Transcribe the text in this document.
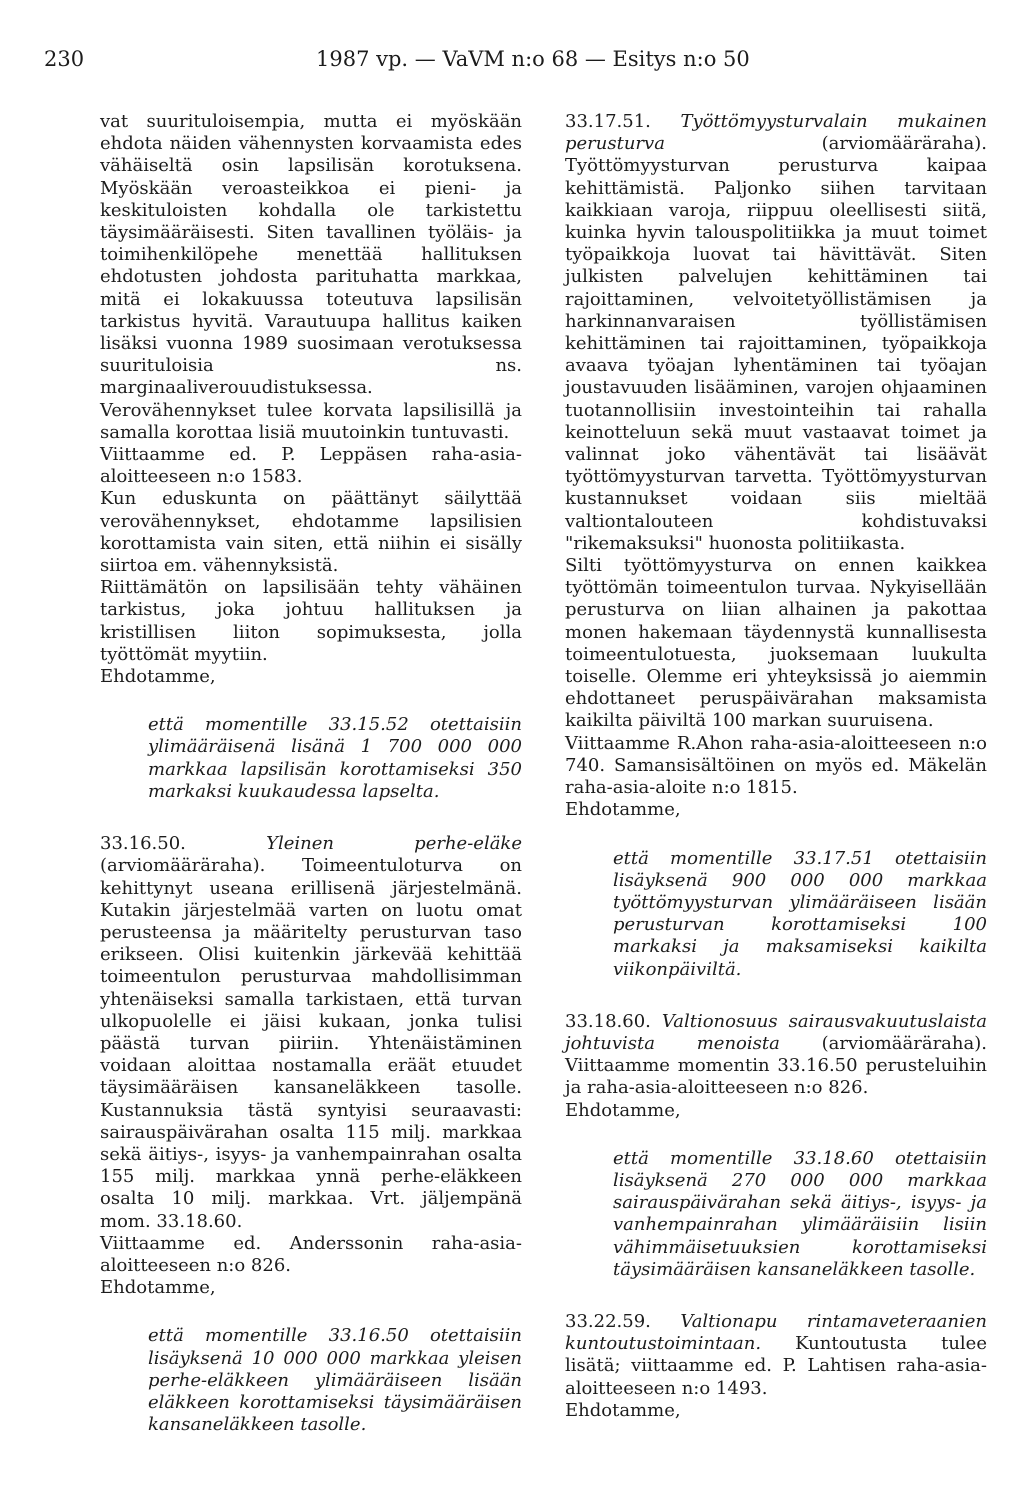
230	1987 vp. — VaVM n:o 68 — Esitys n:o 50

vat suurituloisempia, mutta ei myöskään ehdota näiden vähennysten korvaamista edes vähäiseltä osin lapsilisän korotuksena. Myöskään veroasteikkoa ei pieni- ja keskituloisten kohdalla ole tarkistettu täysimääräisesti. Siten tavallinen työläis- ja toimihenkilöpehe menettää hallituksen ehdotusten johdosta parituhatta markkaa, mitä ei lokakuussa toteutuva lapsilisän tarkistus hyvitä. Varautuupa hallitus kaiken lisäksi vuonna 1989 suosimaan verotuksessa suurituloisia ns. marginaaliverouudistuksessa. Verovähennykset tulee korvata lapsilisillä ja samalla korottaa lisiä muutoinkin tuntuvasti.

Viittaamme ed. P. Leppäsen raha-asia-aloitteeseen n:o 1583.

Kun eduskunta on päättänyt säilyttää verovähennykset, ehdotamme lapsilisien korottamista vain siten, että niihin ei sisälly siirtoa em. vähennyksistä.

Riittämätön on lapsilisään tehty vähäinen tarkistus, joka johtuu hallituksen ja kristillisen liiton sopimuksesta, jolla työttömät myytiin.

Ehdotamme,

että momentille 33.15.52 otettaisiin ylimääräisenä lisänä 1 700 000 000 markkaa lapsilisän korottamiseksi 350 markaksi kuukaudessa lapselta.

33.16.50.	Yleinen perhe-eläke (arviomääräraha). Toimeentuloturva on kehittynyt useana erillisenä järjestelmänä. Kutakin järjestelmää varten on luotu omat perusteensa ja määritelty perusturvan taso erikseen. Olisi kuitenkin järkevää kehittää toimeentulon perusturvaa mahdollisimman yhtenäiseksi samalla tarkistaen, että turvan ulkopuolelle ei jäisi kukaan, jonka tulisi päästä turvan piiriin. Yhtenäistäminen voidaan aloittaa nostamalla eräät etuudet täysimääräisen kansaneläkkeen tasolle. Kustannuksia tästä syntyisi seuraavasti: sairauspäivärahan osalta 115 milj. markkaa sekä äitiys-, isyys- ja vanhempainrahan osalta 155 milj. markkaa ynnä perhe-eläkkeen osalta 10 milj. markkaa. Vrt. jäljempänä mom. 33.18.60.

Viittaamme ed. Anderssonin raha-asia-aloitteeseen n:o 826.

Ehdotamme,

että momentille 33.16.50 otettaisiin lisäyksenä 10 000 000 markkaa yleisen perhe-eläkkeen ylimääräiseen lisään eläkkeen korottamiseksi täysimääräisen kansaneläkkeen tasolle.

33.17.51. Työttömyysturvalain mukainen perusturva	(arviomääräraha). Työttömyysturvan perusturva kaipaa kehittämistä. Paljonko siihen tarvitaan kaikkiaan varoja, riippuu oleellisesti siitä, kuinka hyvin talouspolitiikka ja muut toimet työpaikkoja luovat tai hävittävät. Siten julkisten palvelujen kehittäminen tai rajoittaminen, velvoitetyöllistämisen ja harkinnanvaraisen työllistämisen kehittäminen tai rajoittaminen, työpaikkoja avaava työajan lyhentäminen tai työajan joustavuuden lisääminen, varojen ohjaaminen tuotannollisiin investointeihin tai rahalla keinotteluun sekä muut vastaavat toimet ja valinnat joko vähentävät tai lisäävät työttömyysturvan tarvetta. Työttömyysturvan kustannukset voidaan siis mieltää valtiontalouteen kohdistuvaksi "rikemaksuksi" huonosta politiikasta.

Silti työttömyysturva on ennen kaikkea työttömän toimeentulon turvaa. Nykyisellään perusturva on liian alhainen ja pakottaa monen hakemaan täydennystä kunnallisesta toimeentulotuesta, juoksemaan luukulta toiselle. Olemme eri yhteyksissä jo aiemmin ehdottaneet peruspäivärahan maksamista kaikilta päiviltä 100 markan suuruisena.

Viittaamme R.Ahon raha-asia-aloitteeseen n:o 740. Samansisältöinen on myös ed. Mäkelän raha-asia-aloite n:o 1815.

Ehdotamme,

että momentille 33.17.51 otettaisiin lisäyksenä 900 000 000 markkaa työttömyysturvan ylimääräiseen lisään perusturvan korottamiseksi 100 markaksi ja maksamiseksi kaikilta viikonpäiviltä.

33.18.60. Valtionosuus sairausvakuutuslaista johtuvista menoista (arviomääräraha). Viittaamme momentin 33.16.50 perusteluihin ja raha-asia-aloitteeseen n:o 826.

Ehdotamme,

että momentille 33.18.60 otettaisiin lisäyksenä 270 000 000 markkaa sairauspäivärahan sekä äitiys-, isyys- ja vanhempainrahan ylimääräisiin lisiin vähimmäisetuuksien korottamiseksi täysimääräisen kansaneläkkeen tasolle.

33.22.59. Valtionapu rintamaveteraanien kuntoutustoimintaan. Kuntoutusta tulee lisätä; viittaamme ed. P. Lahtisen raha-asia-aloitteeseen n:o 1493.

Ehdotamme,
